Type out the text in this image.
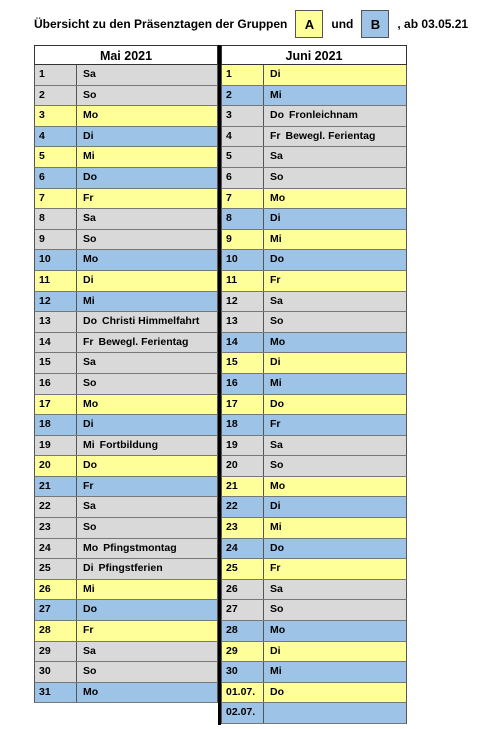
Übersicht zu den Präsenztagen der Gruppen	A	und	B	, ab 03.05.21
Mai 2021
1	Sa
2	So
3	Mo
4	Di
5	Mi
6	Do
7	Fr
8	Sa
9	So
10	Mo
11	Di
12	Mi
13	Do Christi Himmelfahrt
14	Fr Bewegl. Ferientag
15	Sa
16	So
17	Mo
18	Di
19	Mi Fortbildung
20	Do
21	Fr
22	Sa
23	So
24	Mo Pfingstmontag
25	Di Pfingstferien
26	Mi
27	Do
28	Fr
29	Sa
30	So
31	Mo
Juni 2021
1	Di
2	Mi
3	Do Fronleichnam
4	Fr Bewegl. Ferientag
5	Sa
6	So
7	Mo
8	Di
9	Mi
10	Do
11	Fr
12	Sa
13	So
14	Mo
15	Di
16	Mi
17	Do
18	Fr
19	Sa
20	So
21	Mo
22	Di
23	Mi
24	Do
25	Fr
26	Sa
27	So
28	Mo
29	Di
30	Mi
01.07.	Do
02.07.
